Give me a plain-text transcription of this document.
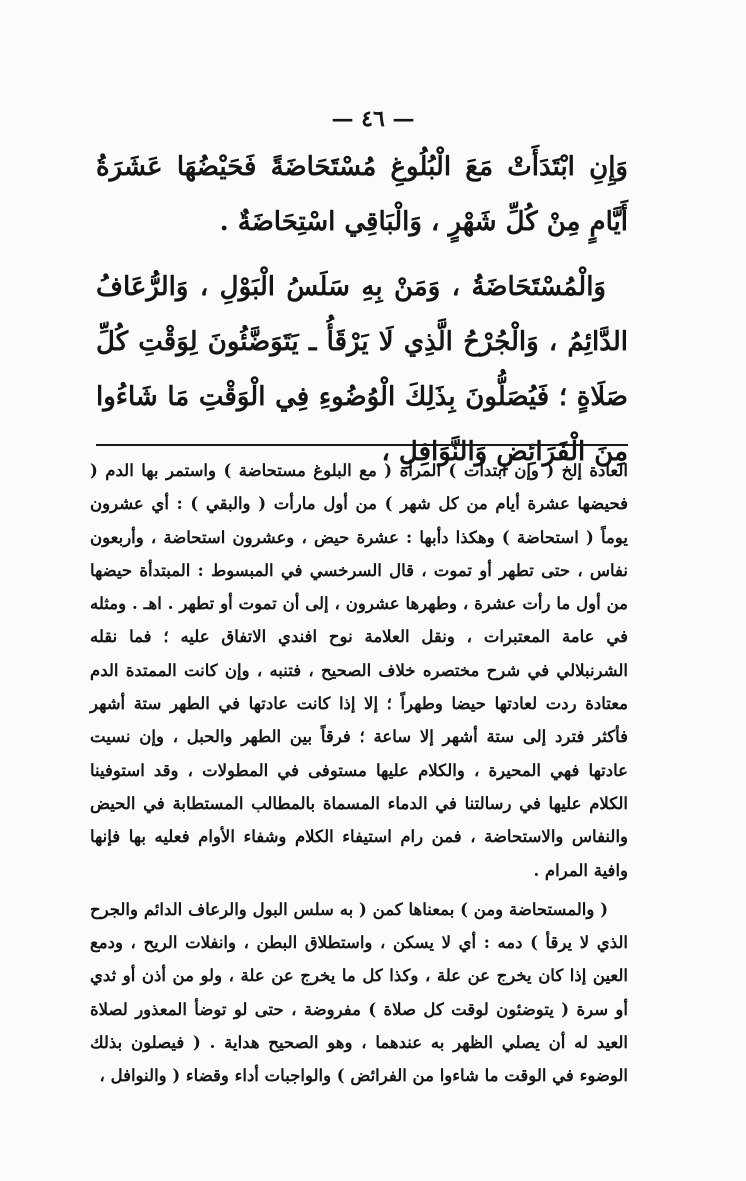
— ٤٦ —

وَإِنِ ابْتَدَأَتْ مَعَ الْبُلُوغِ مُسْتَحَاضَةً فَحَيْضُهَا عَشَرَةُ أَيَّامٍ مِنْ كُلِّ شَهْرٍ ، وَالْبَاقِي اسْتِحَاضَةٌ .

وَالْمُسْتَحَاضَةُ ، وَمَنْ بِهِ سَلَسُ الْبَوْلِ ، وَالرُّعَافُ الدَّائِمُ ، وَالْجُرْحُ الَّذِي لَا يَرْقَأُ ـ يَتَوَضَّئُونَ لِوَقْتِ كُلِّ صَلَاةٍ ؛ فَيُصَلُّونَ بِذَلِكَ الْوُضُوءِ فِي الْوَقْتِ مَا شَاءُوا مِنَ الْفَرَائِضِ وَالنَّوَافِلِ ،

العادة إلخ ( وإن ابتدأت ) المرأة ( مع البلوغ مستحاضة ) واستمر بها الدم ( فحيضها عشرة أيام من كل شهر ) من أول مارأت ( والبقي ) : أي عشرون يوماً ( استحاضة ) وهكذا دأبها : عشرة حيض ، وعشرون استحاضة ، وأربعون نفاس ، حتى تطهر أو تموت ، قال السرخسي في المبسوط : المبتدأة حيضها من أول ما رأت عشرة ، وطهرها عشرون ، إلى أن تموت أو تطهر . اهـ . ومثله في عامة المعتبرات ، ونقل العلامة نوح افندي الاتفاق عليه ؛ فما نقله الشرنبلالي في شرح مختصره خلاف الصحيح ، فتنبه ، وإن كانت الممتدة الدم معتادة ردت لعادتها حيضا وطهراً ؛ إلا إذا كانت عادتها في الطهر ستة أشهر فأكثر فترد إلى ستة أشهر إلا ساعة ؛ فرقاً بين الطهر والحبل ، وإن نسيت عادتها فهي المحيرة ، والكلام عليها مستوفى في المطولات ، وقد استوفينا الكلام عليها في رسالتنا في الدماء المسماة بالمطالب المستطابة في الحيض والنفاس والاستحاضة ، فمن رام استيفاء الكلام وشفاء الأوام فعليه بها فإنها وافية المرام .

( والمستحاضة ومن ) بمعناها كمن ( به سلس البول والرعاف الدائم والجرح الذي لا يرقأ ) دمه : أي لا يسكن ، واستطلاق البطن ، وانفلات الريح ، ودمع العين إذا كان يخرج عن علة ، وكذا كل ما يخرج عن علة ، ولو من أذن أو ثدي أو سرة ( يتوضئون لوقت كل صلاة ) مفروضة ، حتى لو توضأ المعذور لصلاة العيد له أن يصلي الظهر به عندهما ، وهو الصحيح هداية . ( فيصلون بذلك الوضوء في الوقت ما شاءوا من الفرائض ) والواجبات أداء وقضاء ( والنوافل ،
